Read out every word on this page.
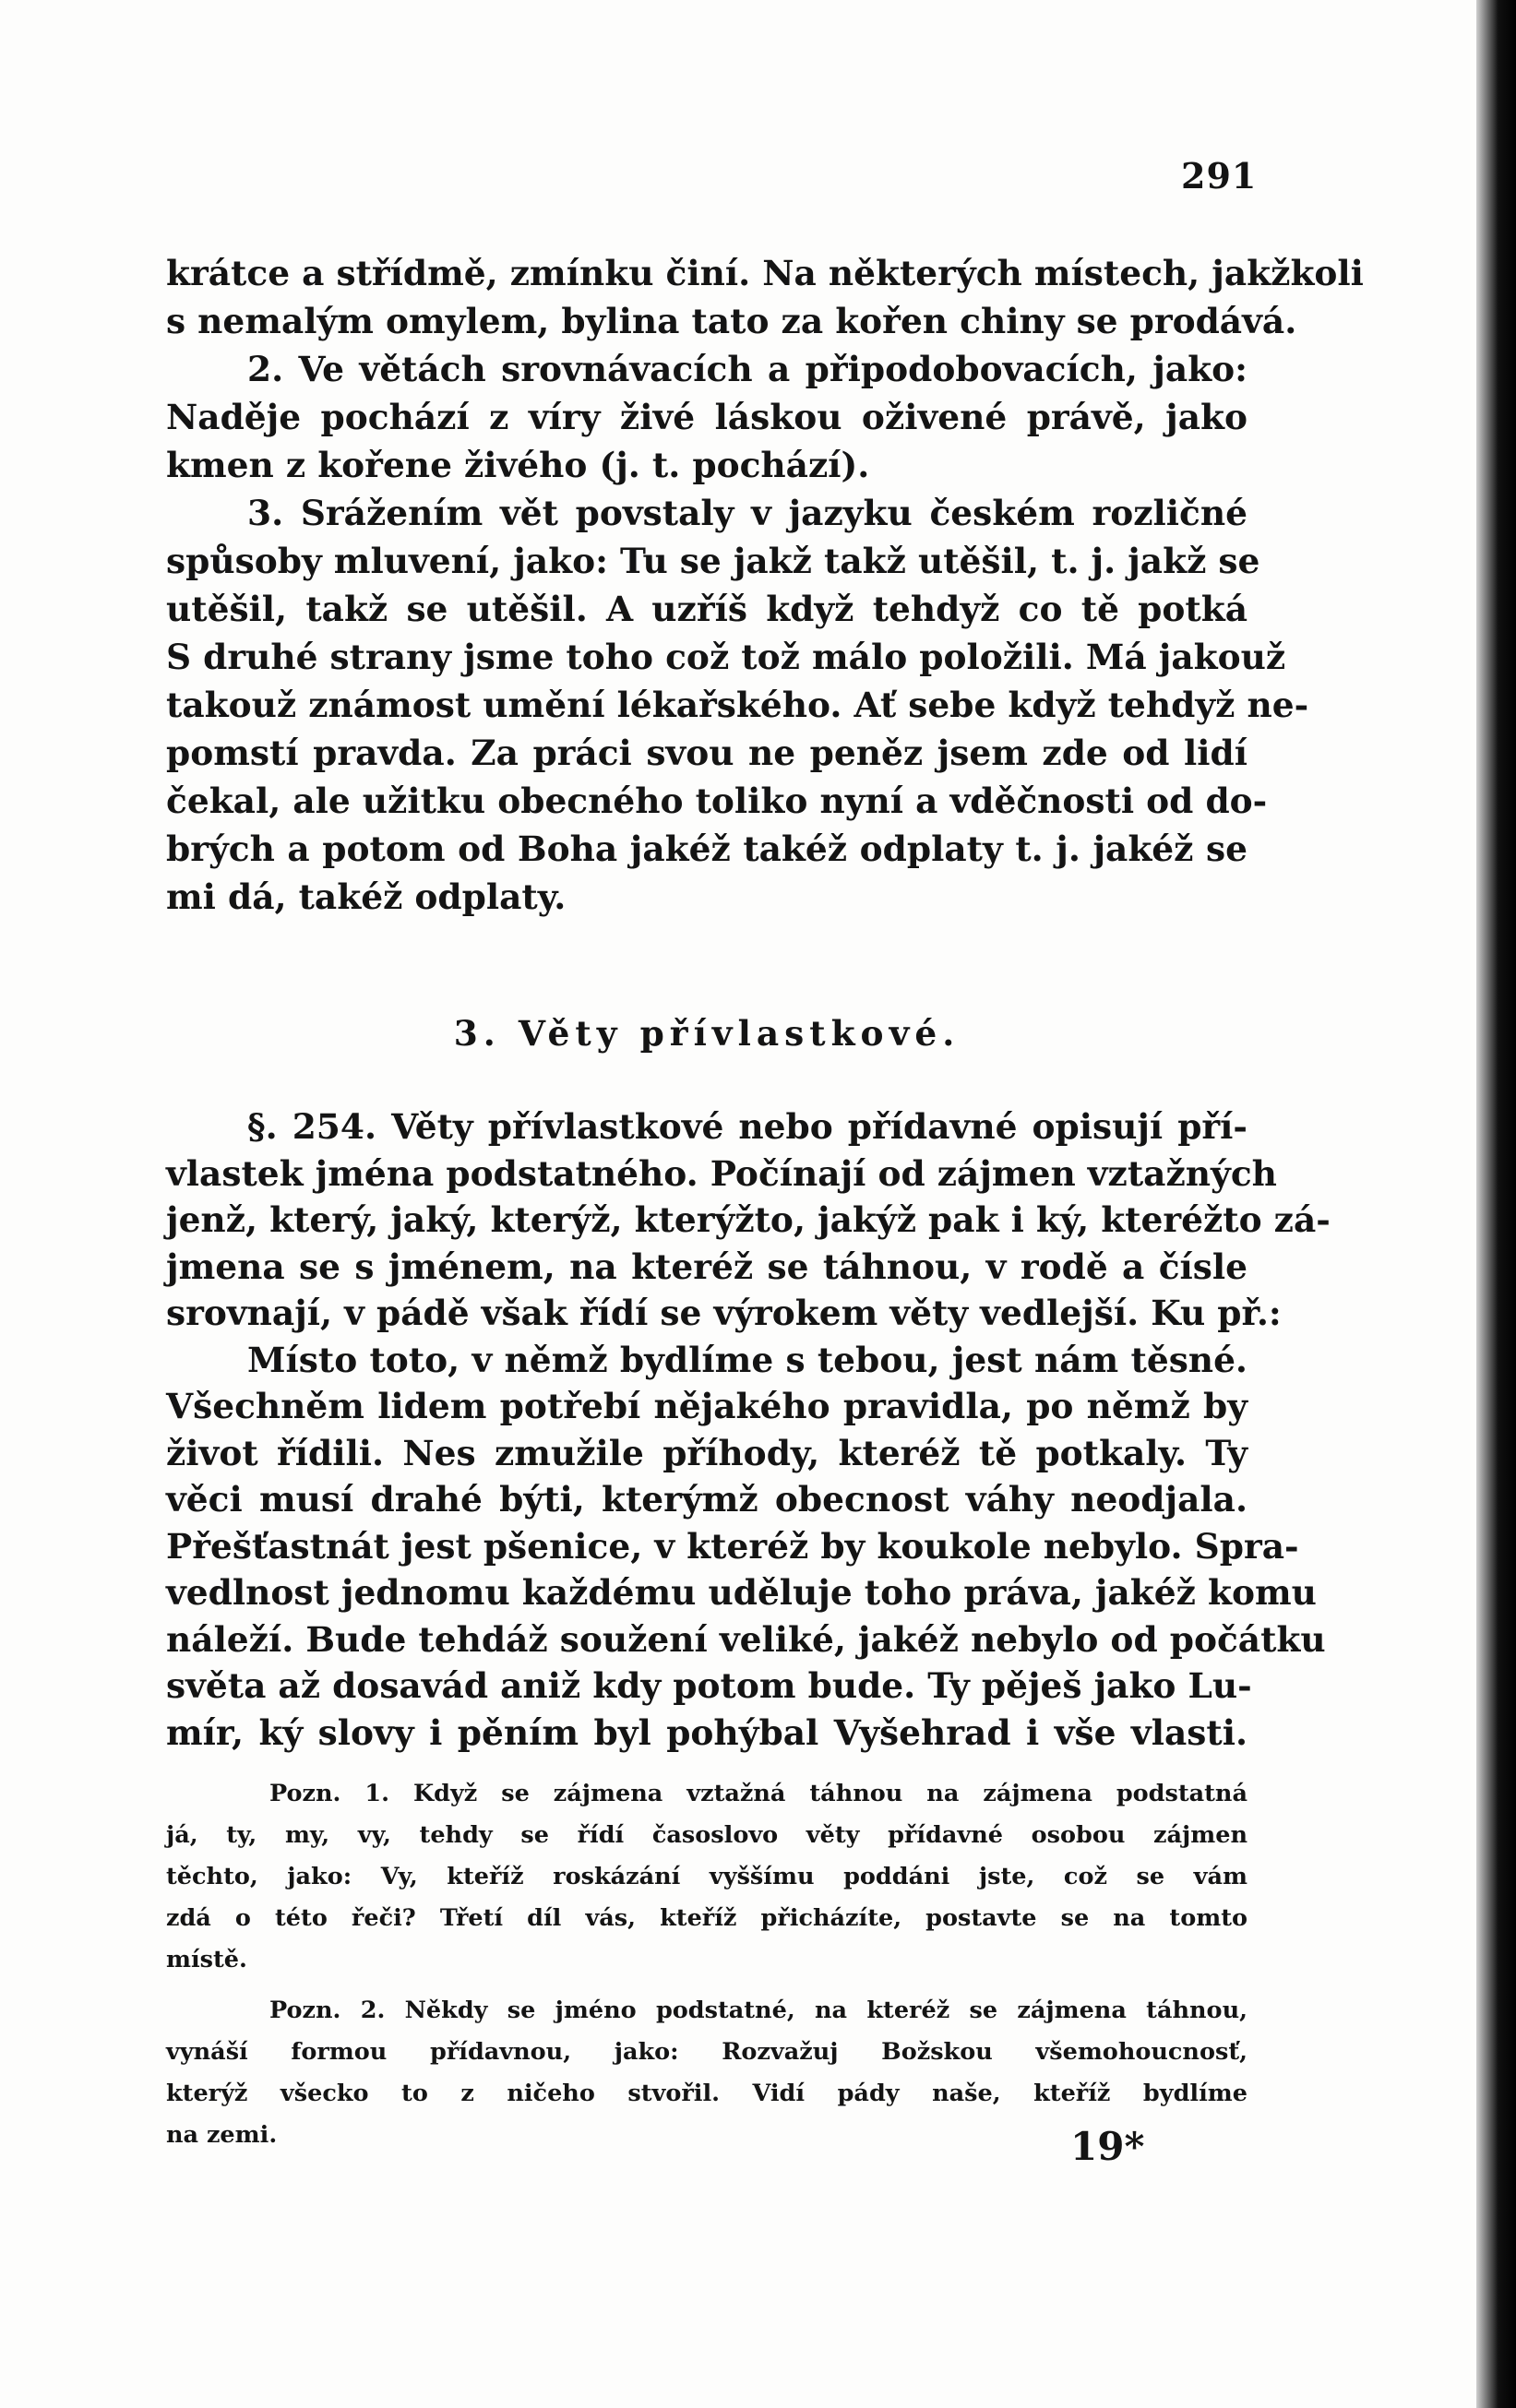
291
krátce a střídmě, zmínku činí. Na některých místech, jakžkoli
s nemalým omylem, bylina tato za kořen chiny se prodává.
2. Ve větách srovnávacích a připodobovacích, jako:
Naděje pochází z víry živé láskou oživené právě, jako
kmen z kořene živého (j. t. pochází).
3. Srážením vět povstaly v jazyku českém rozličné
spůsoby mluvení, jako: Tu se jakž takž utěšil, t. j. jakž se
utěšil, takž se utěšil. A uzříš když tehdyž co tě potká
S druhé strany jsme toho což tož málo položili. Má jakouž
takouž známost umění lékařského. Ať sebe když tehdyž ne-
pomstí pravda. Za práci svou ne peněz jsem zde od lidí
čekal, ale užitku obecného toliko nyní a vděčnosti od do-
brých a potom od Boha jakéž takéž odplaty t. j. jakéž se
mi dá, takéž odplaty.
3. Věty přívlastkové.
§. 254. Věty přívlastkové nebo přídavné opisují pří-
vlastek jména podstatného. Počínají od zájmen vztažných
jenž, který, jaký, kterýž, kterýžto, jakýž pak i ký, kteréžto zá-
jmena se s jménem, na kteréž se táhnou, v rodě a čísle
srovnají, v pádě však řídí se výrokem věty vedlejší. Ku př.:
Místo toto, v němž bydlíme s tebou, jest nám těsné.
Všechněm lidem potřebí nějakého pravidla, po němž by
život řídili. Nes zmužile příhody, kteréž tě potkaly. Ty
věci musí drahé býti, kterýmž obecnost váhy neodjala.
Přešťastnát jest pšenice, v kteréž by koukole nebylo. Spra-
vedlnost jednomu každému uděluje toho práva, jakéž komu
náleží. Bude tehdáž soužení veliké, jakéž nebylo od počátku
světa až dosavád aniž kdy potom bude. Ty pěješ jako Lu-
mír, ký slovy i pěním byl pohýbal Vyšehrad i vše vlasti.
Pozn. 1. Když se zájmena vztažná táhnou na zájmena podstatná
já, ty, my, vy, tehdy se řídí časoslovo věty přídavné osobou zájmen
těchto, jako: Vy, kteříž roskázání vyššímu poddáni jste, což se vám
zdá o této řeči? Třetí díl vás, kteříž přicházíte, postavte se na tomto
místě.
Pozn. 2. Někdy se jméno podstatné, na kteréž se zájmena táhnou,
vynáší formou přídavnou, jako: Rozvažuj Božskou všemohoucnosť,
kterýž všecko to z ničeho stvořil. Vidí pády naše, kteříž bydlíme
na zemi.	19*
